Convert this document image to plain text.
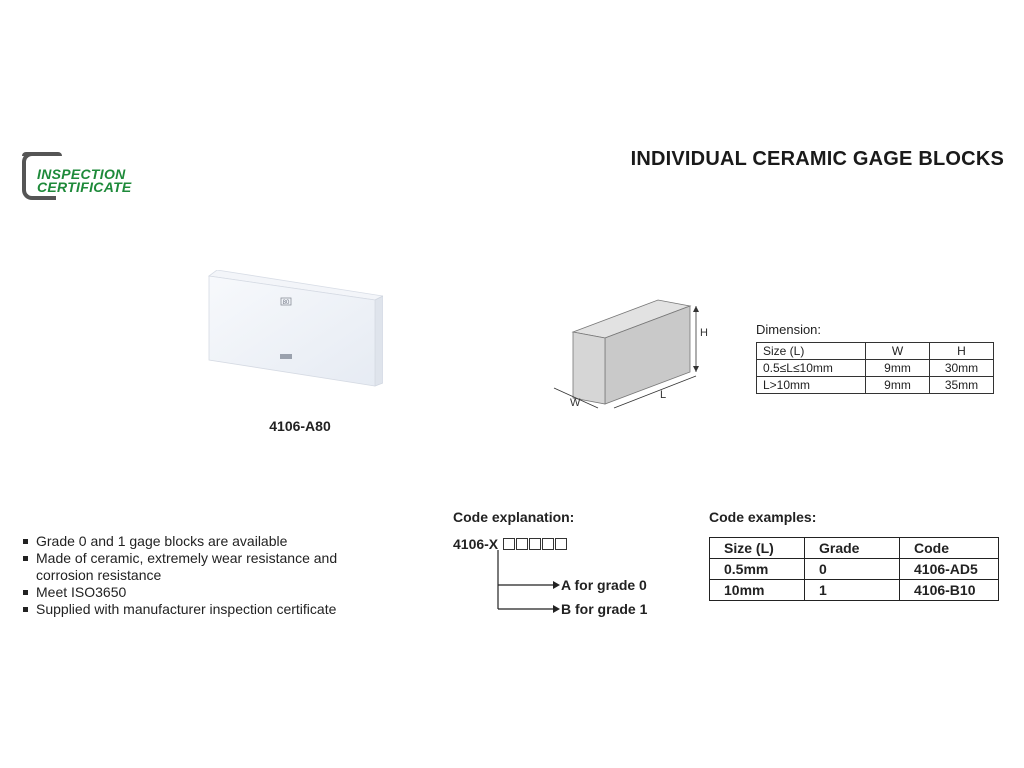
INSPECTION
CERTIFICATE
INDIVIDUAL CERAMIC GAGE BLOCKS
80
4106-A80
H
L
W
Dimension:
Size (L)	W	H
0.5≤L≤10mm	9mm	30mm
L>10mm	9mm	35mm
Grade 0 and 1 gage blocks are available
Made of ceramic, extremely wear resistance and
corrosion resistance
Meet ISO3650
Supplied with manufacturer inspection certificate
Code explanation:
4106-X
A for grade 0
B for grade 1
Code examples:
Size (L)	Grade	Code
0.5mm	0	4106-AD5
10mm	1	4106-B10
